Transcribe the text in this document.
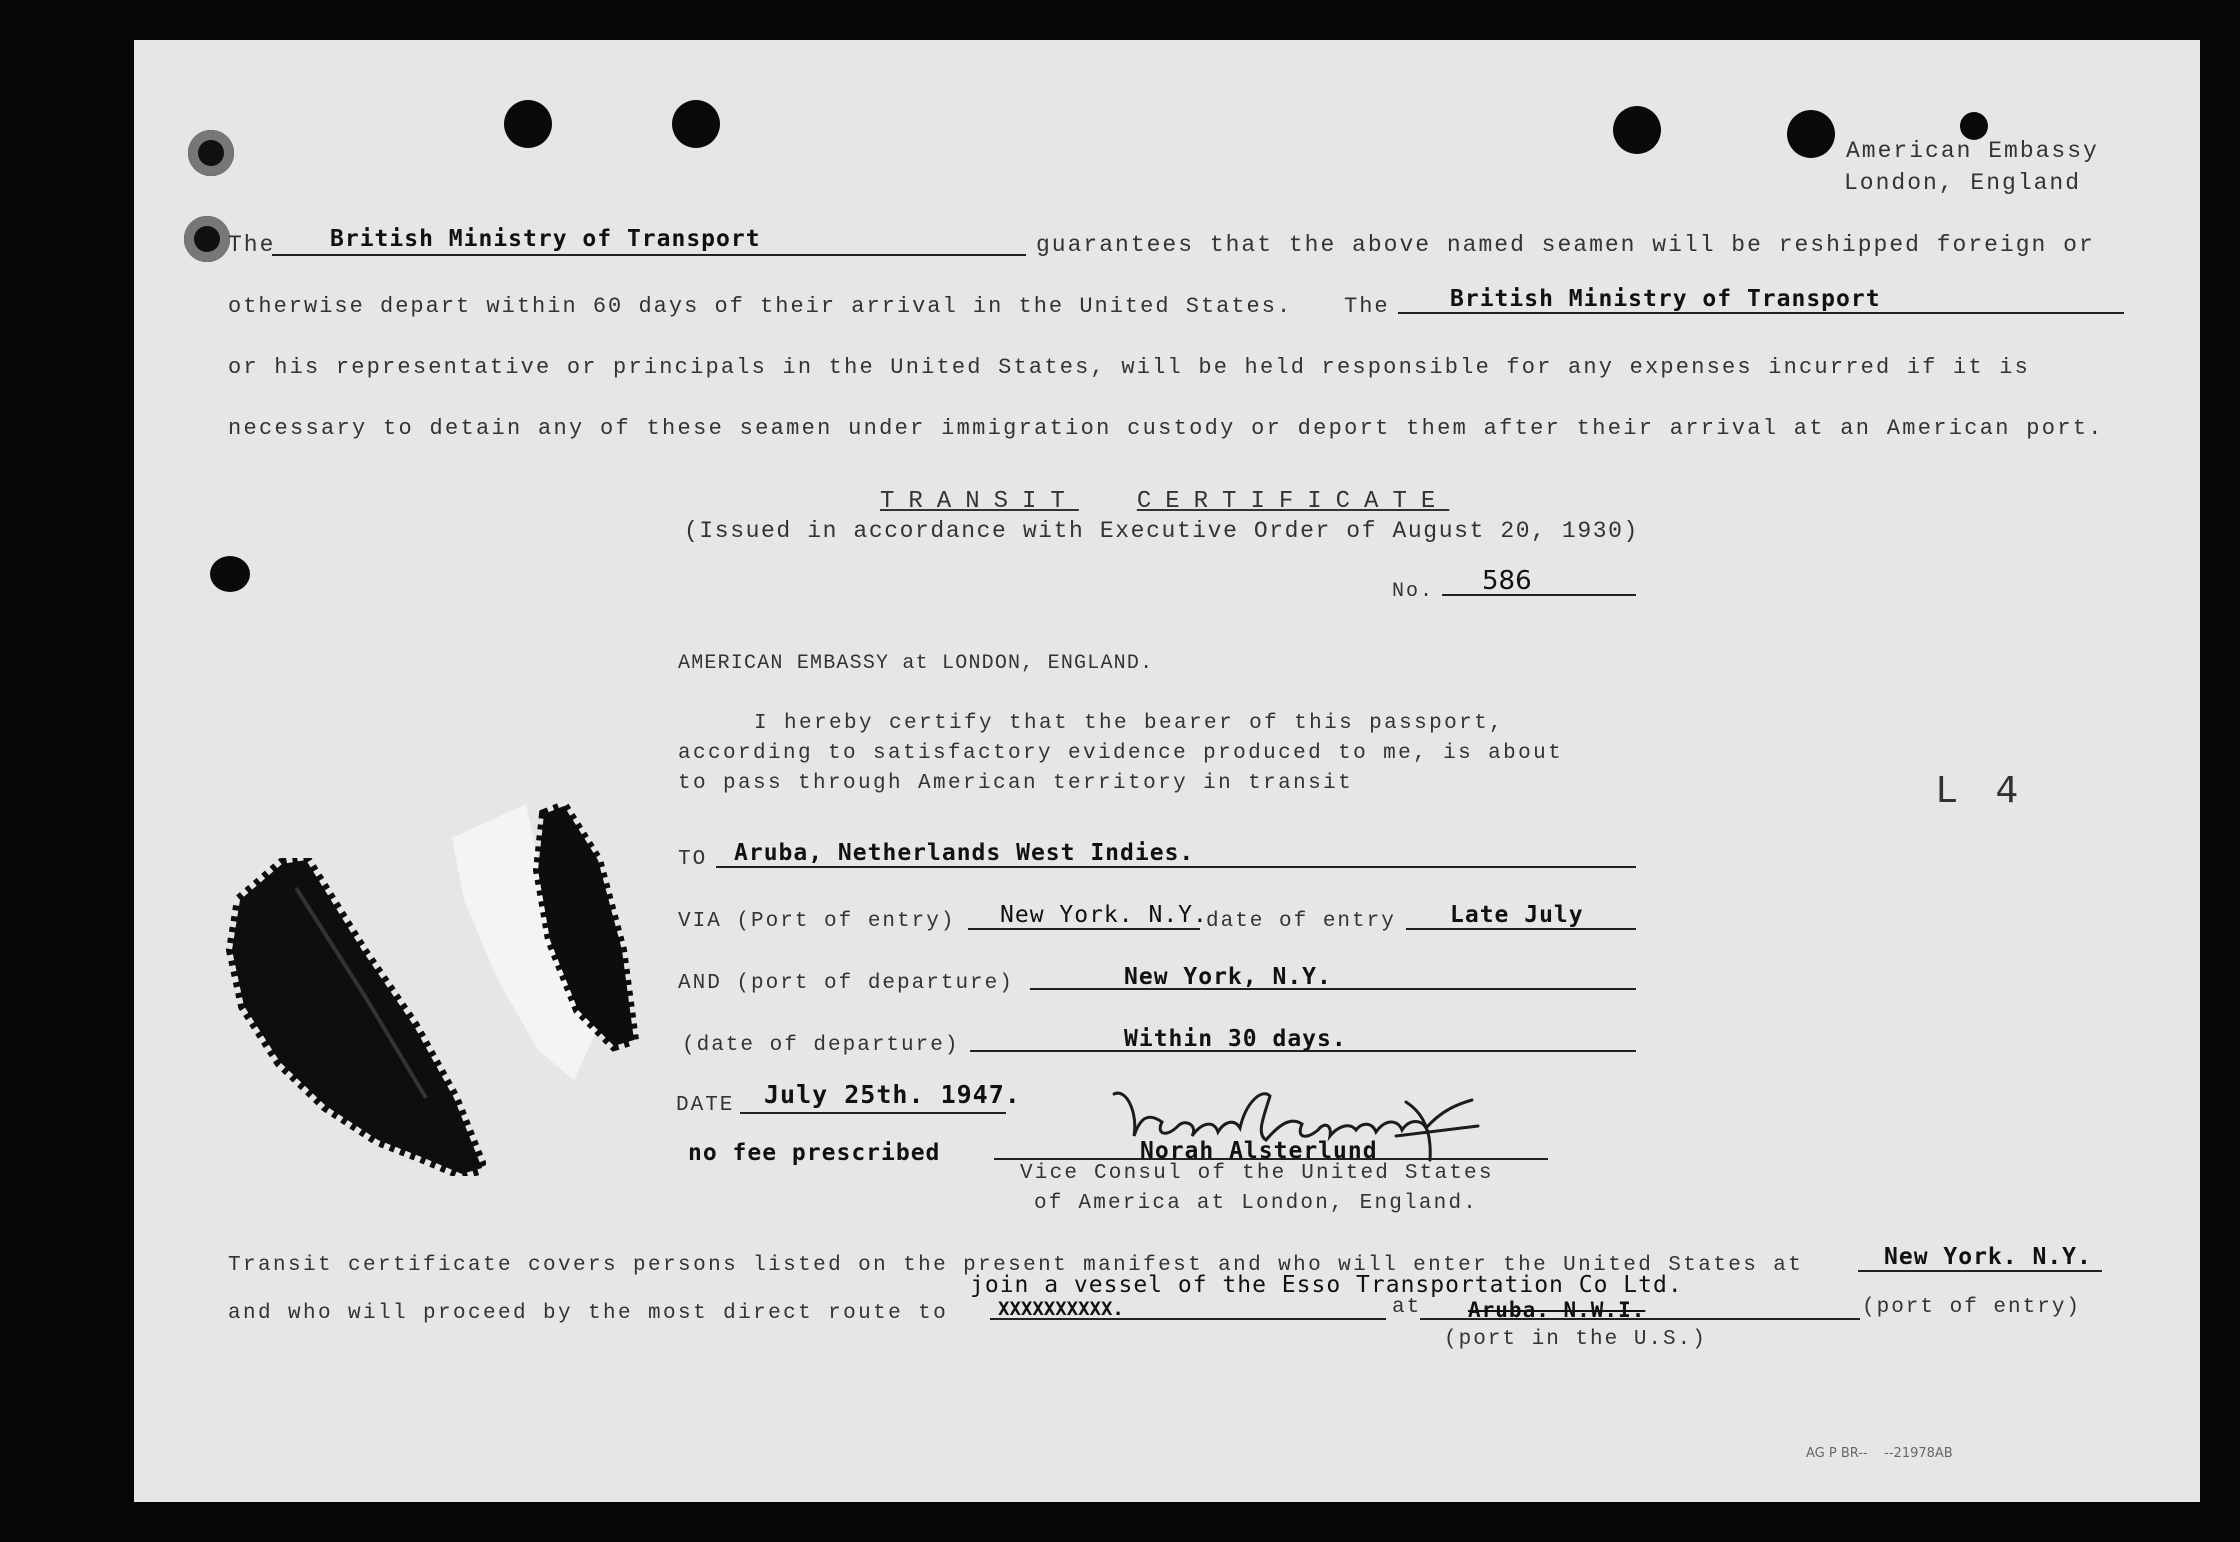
American Embassy
London, England
The British Ministry of Transport	guarantees that the above named seamen will be reshipped foreign or
otherwise depart within 60 days of their arrival in the United States. The	British Ministry of Transport
or his representative or principals in the United States, will be held responsible for any expenses incurred if it is
necessary to detain any of these seamen under immigration custody or deport them after their arrival at an American port.
TRANSIT CERTIFICATE
(Issued in accordance with Executive Order of August 20, 1930)
No. 586
AMERICAN EMBASSY at LONDON, ENGLAND.
I hereby certify that the bearer of this passport,
according to satisfactory evidence produced to me, is about
to pass through American territory in transit	L 4
TO Aruba, Netherlands West Indies.
VIA (Port of entry) New York. N.Y.
date of entry Late July
AND (port of departure)	New York, N.Y.
(date of departure)	Within 30 days.
DATE July 25th. 1947.
no fee prescribed	Norah Alsterlund
Vice Consul of the United States
of America at London, England.
Transit certificate covers persons listed on the present manifest and who will enter the United States at	New York. N.Y.
join a vessel of the Esso Transportation Co Ltd.
and who will proceed by the most direct route to	XXXXXXXXXX.	at Aruba. N.W.I.	(port of entry)
(port in the U.S.)
AG P BR--    --21978AB
